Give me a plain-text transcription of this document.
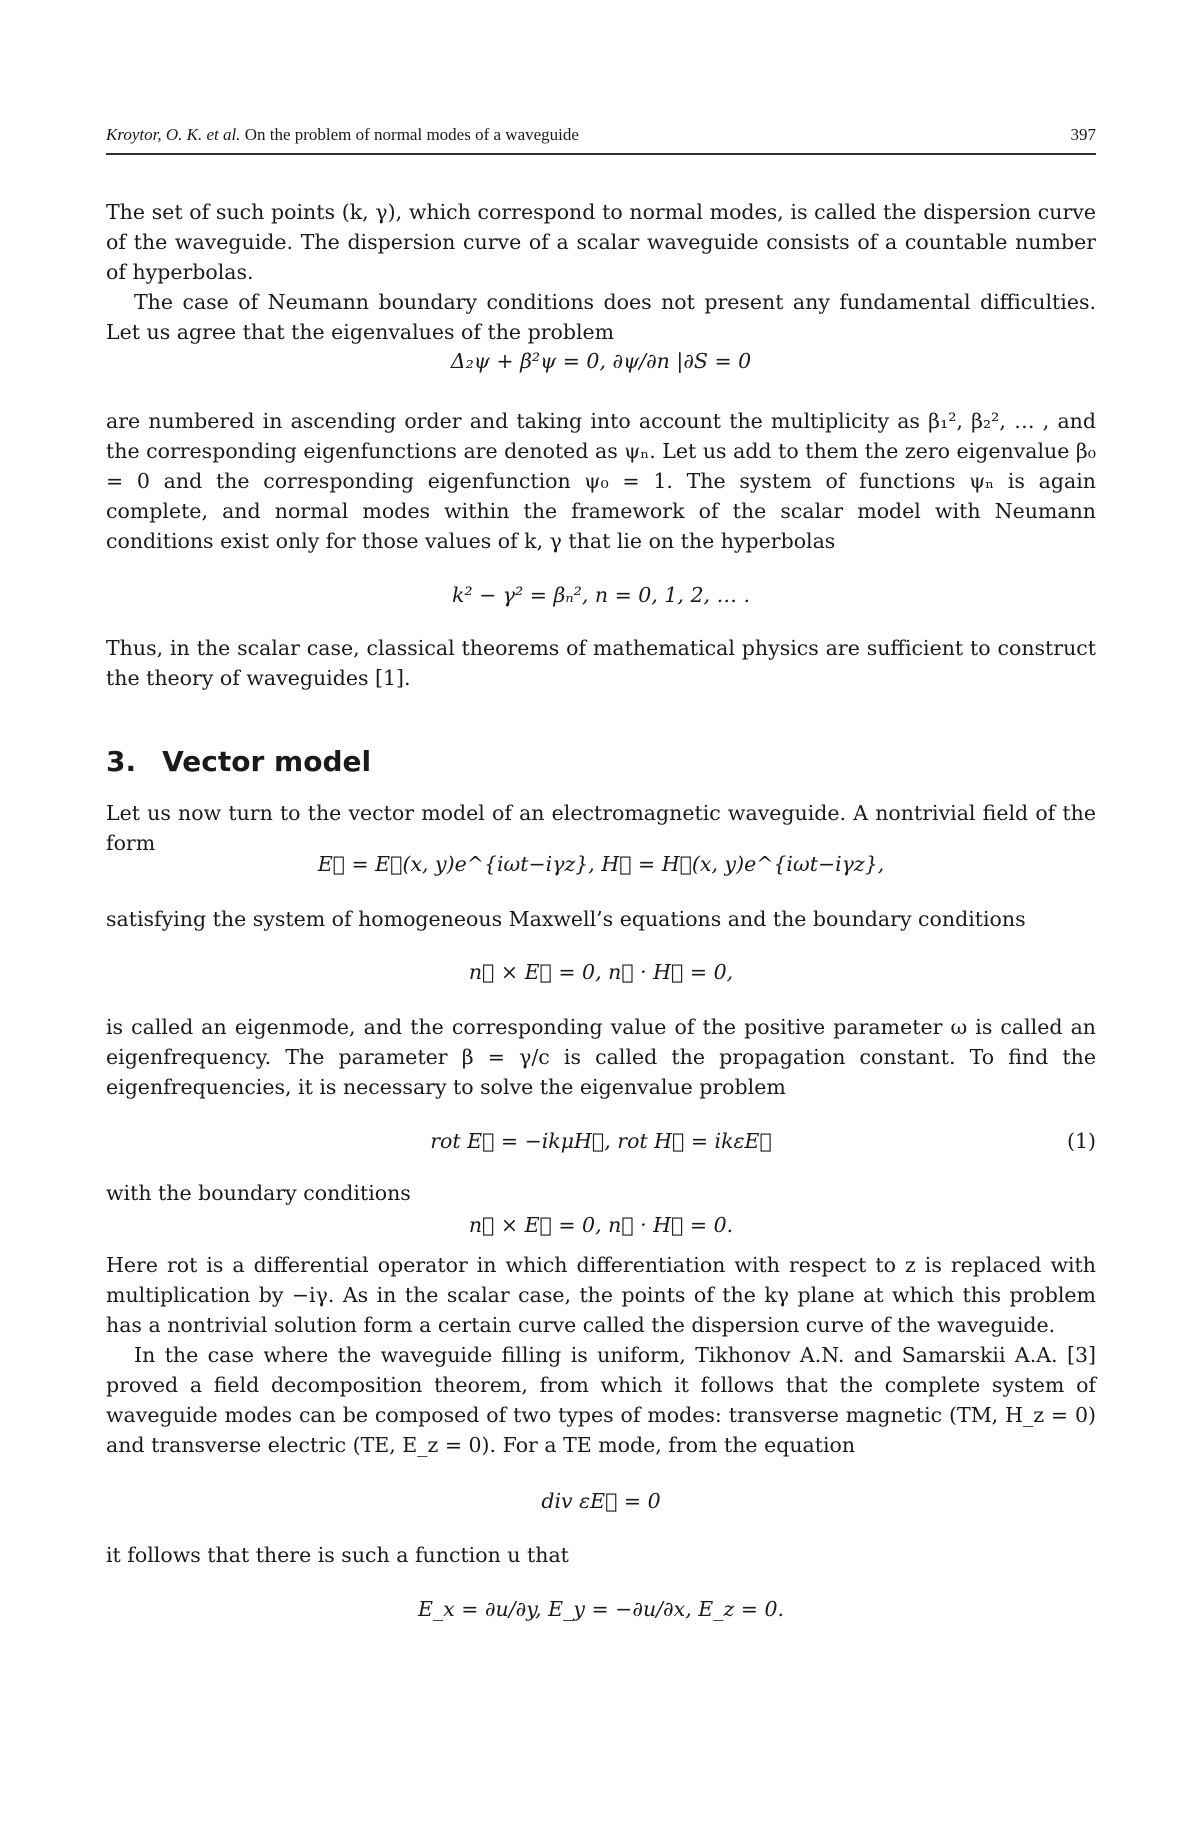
Kroytor, O. K. et al. On the problem of normal modes of a waveguide	397

The set of such points (k, γ), which correspond to normal modes, is called the dispersion curve of the waveguide. The dispersion curve of a scalar waveguide consists of a countable number of hyperbolas.

The case of Neumann boundary conditions does not present any fundamental difficulties. Let us agree that the eigenvalues of the problem

Δ₂ψ + β²ψ = 0, ∂ψ/∂n |∂S = 0

are numbered in ascending order and taking into account the multiplicity as β₁², β₂², … , and the corresponding eigenfunctions are denoted as ψₙ. Let us add to them the zero eigenvalue β₀ = 0 and the corresponding eigenfunction ψ₀ = 1. The system of functions ψₙ is again complete, and normal modes within the framework of the scalar model with Neumann conditions exist only for those values of k, γ that lie on the hyperbolas

k² − γ² = βₙ², n = 0, 1, 2, … .

Thus, in the scalar case, classical theorems of mathematical physics are sufficient to construct the theory of waveguides [1].

3. Vector model

Let us now turn to the vector model of an electromagnetic waveguide. A nontrivial field of the form

E⃗ = E⃗(x, y)e^{iωt−iγz}, H⃗ = H⃗(x, y)e^{iωt−iγz},

satisfying the system of homogeneous Maxwell’s equations and the boundary conditions

n⃗ × E⃗ = 0, n⃗ · H⃗ = 0,

is called an eigenmode, and the corresponding value of the positive parameter ω is called an eigenfrequency. The parameter β = γ/c is called the propagation constant. To find the eigenfrequencies, it is necessary to solve the eigenvalue problem

rot E⃗ = −ikμH⃗, rot H⃗ = ikεE⃗	(1)

with the boundary conditions

n⃗ × E⃗ = 0, n⃗ · H⃗ = 0.

Here rot is a differential operator in which differentiation with respect to z is replaced with multiplication by −iγ. As in the scalar case, the points of the kγ plane at which this problem has a nontrivial solution form a certain curve called the dispersion curve of the waveguide.

In the case where the waveguide filling is uniform, Tikhonov A.N. and Samarskii A.A. [3] proved a field decomposition theorem, from which it follows that the complete system of waveguide modes can be composed of two types of modes: transverse magnetic (TM, H_z = 0) and transverse electric (TE, E_z = 0). For a TE mode, from the equation

div εE⃗ = 0

it follows that there is such a function u that

E_x = ∂u/∂y, E_y = −∂u/∂x, E_z = 0.
